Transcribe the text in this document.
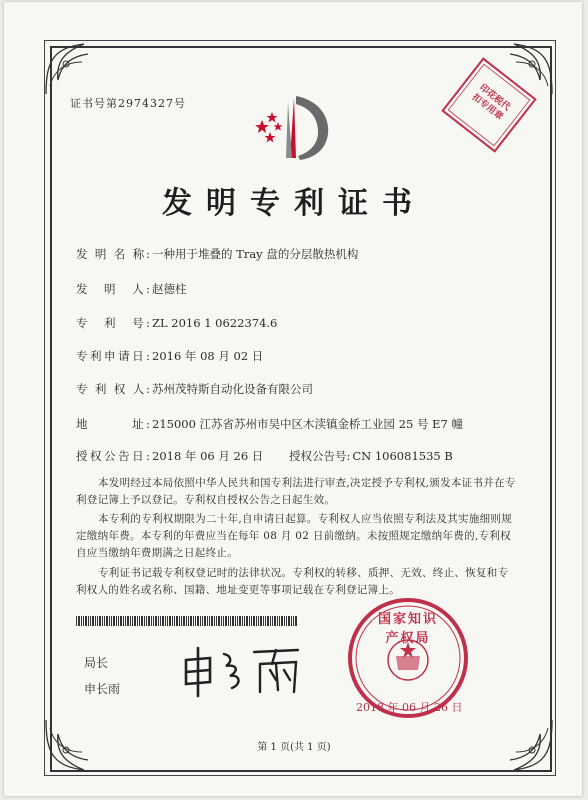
证书号第2974327号	印花税代扣专用章
发明专利证书
发 明 名 称: 一种用于堆叠的 Tray 盘的分层散热机构
发　明　人: 赵德柱
专　利　号: ZL 2016 1 0622374.6
专利申请日: 2016 年 08 月 02 日
专 利 权 人: 苏州茂特斯自动化设备有限公司
地　　　址: 215000 江苏省苏州市吴中区木渎镇金桥工业园 25 号 E7 幢
授权公告日: 2018 年 06 月 26 日 授权公告号: CN 106081535 B
本发明经过本局依照中华人民共和国专利法进行审查,决定授予专利权,颁发本证书并在专利登记簿上予以登记。专利权自授权公告之日起生效。
本专利的专利权期限为二十年,自申请日起算。专利权人应当依照专利法及其实施细则规定缴纳年费。本专利的年费应当在每年 08 月 02 日前缴纳。未按照规定缴纳年费的,专利权自应当缴纳年费期满之日起终止。
专利证书记载专利权登记时的法律状况。专利权的转移、质押、无效、终止、恢复和专利权人的姓名或名称、国籍、地址变更等事项记载在专利登记簿上。
局长
申长雨
国家知识产权局
2018 年 06 月 26 日
第 1 页(共 1 页)
